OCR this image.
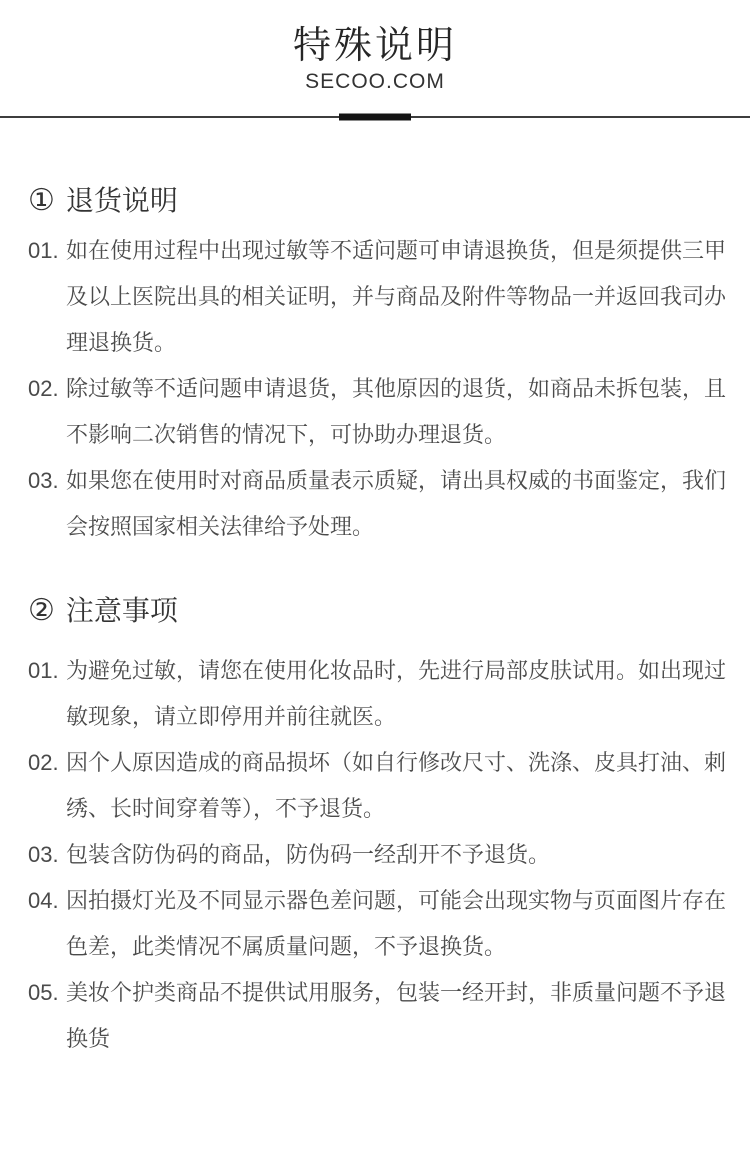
特殊说明
SECOO.COM
① 退货说明
01. 如在使用过程中出现过敏等不适问题可申请退换货，但是须提供三甲及以上医院出具的相关证明，并与商品及附件等物品一并返回我司办理退换货。
02. 除过敏等不适问题申请退货，其他原因的退货，如商品未拆包装，且不影响二次销售的情况下，可协助办理退货。
03. 如果您在使用时对商品质量表示质疑，请出具权威的书面鉴定，我们会按照国家相关法律给予处理。
② 注意事项
01. 为避免过敏，请您在使用化妆品时，先进行局部皮肤试用。如出现过敏现象，请立即停用并前往就医。
02. 因个人原因造成的商品损坏（如自行修改尺寸、洗涤、皮具打油、刺绣、长时间穿着等），不予退货。
03. 包装含防伪码的商品，防伪码一经刮开不予退货。
04. 因拍摄灯光及不同显示器色差问题，可能会出现实物与页面图片存在色差，此类情况不属质量问题，不予退换货。
05. 美妆个护类商品不提供试用服务，包装一经开封，非质量问题不予退换货
